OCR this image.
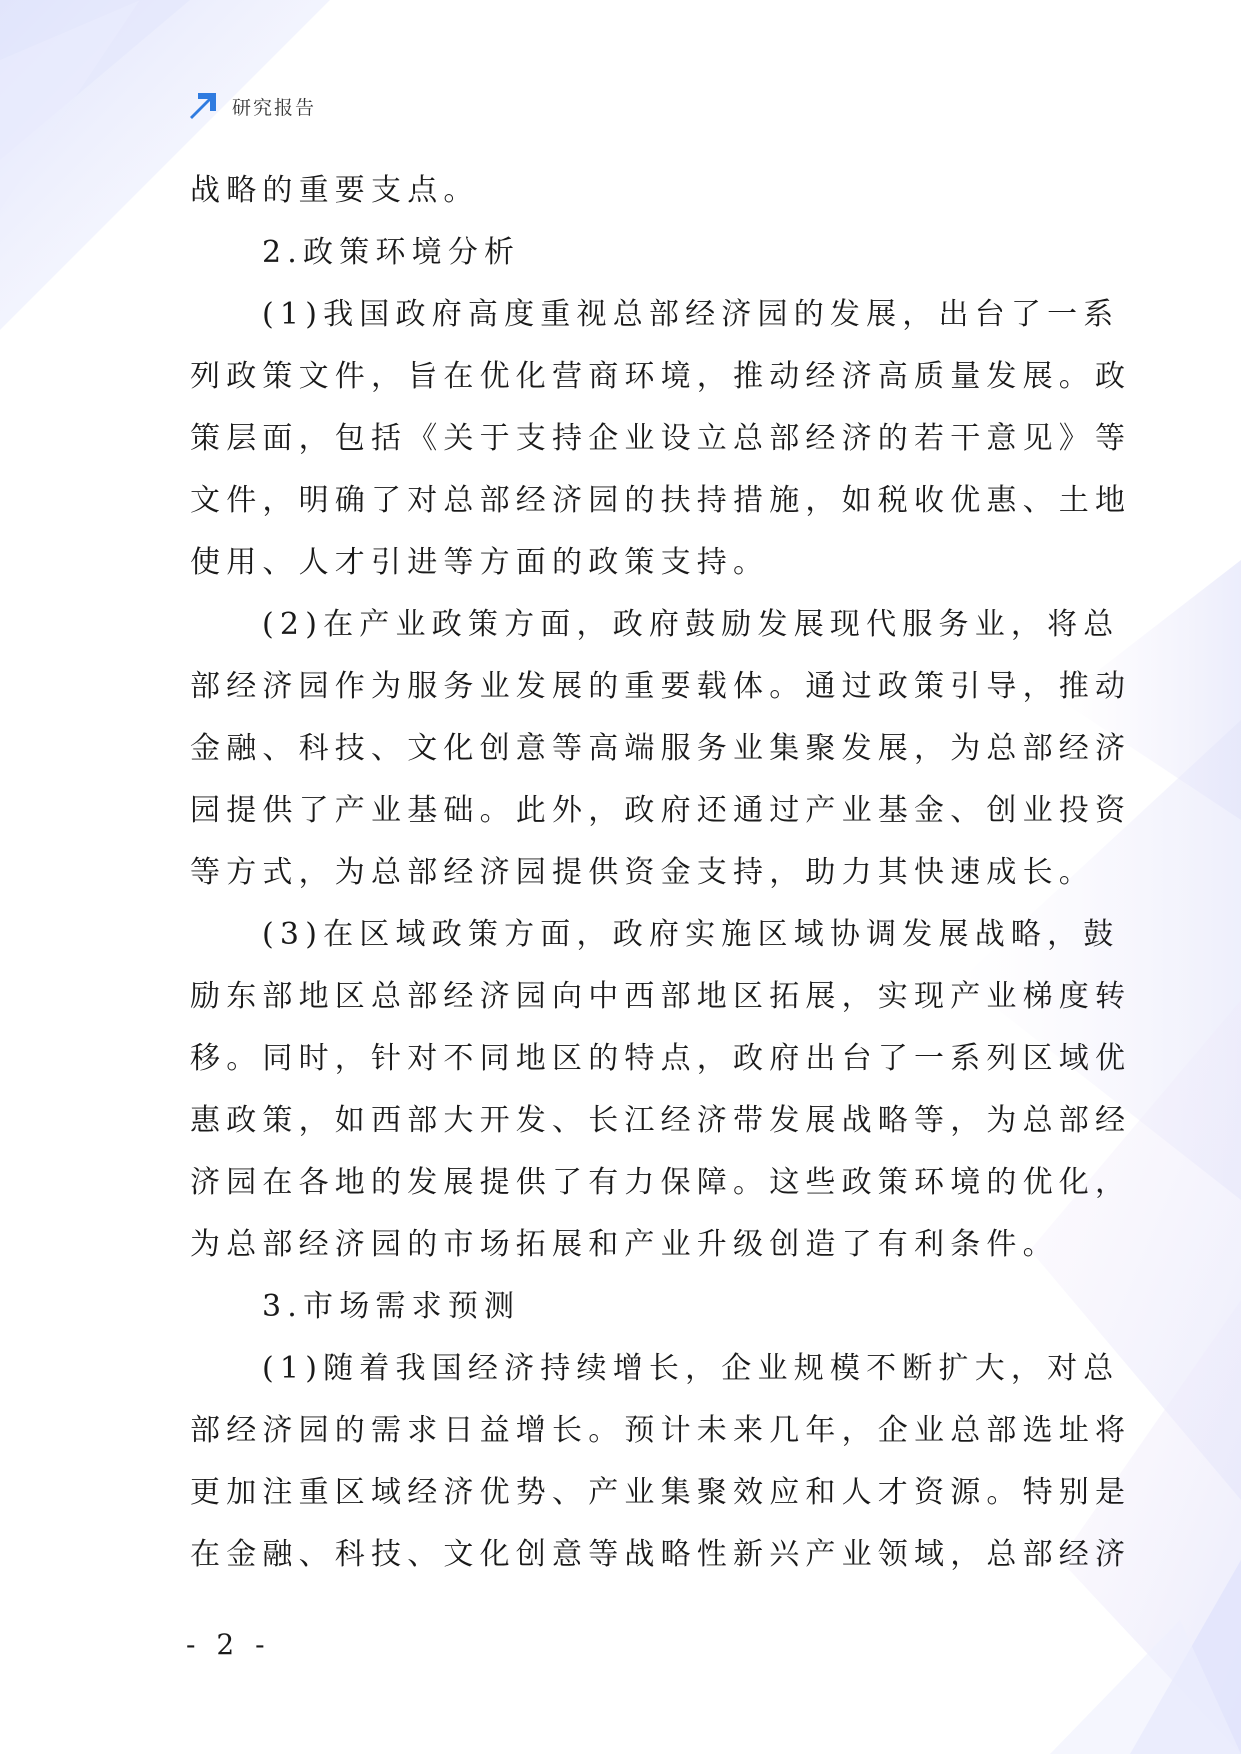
研究报告
战略的重要支点。
2.政策环境分析
(1)我国政府高度重视总部经济园的发展，出台了一系
列政策文件，旨在优化营商环境，推动经济高质量发展。政
策层面，包括《关于支持企业设立总部经济的若干意见》等
文件，明确了对总部经济园的扶持措施，如税收优惠、土地
使用、人才引进等方面的政策支持。
(2)在产业政策方面，政府鼓励发展现代服务业，将总
部经济园作为服务业发展的重要载体。通过政策引导，推动
金融、科技、文化创意等高端服务业集聚发展，为总部经济
园提供了产业基础。此外，政府还通过产业基金、创业投资
等方式，为总部经济园提供资金支持，助力其快速成长。
(3)在区域政策方面，政府实施区域协调发展战略，鼓
励东部地区总部经济园向中西部地区拓展，实现产业梯度转
移。同时，针对不同地区的特点，政府出台了一系列区域优
惠政策，如西部大开发、长江经济带发展战略等，为总部经
济园在各地的发展提供了有力保障。这些政策环境的优化，
为总部经济园的市场拓展和产业升级创造了有利条件。
3.市场需求预测
(1)随着我国经济持续增长，企业规模不断扩大，对总
部经济园的需求日益增长。预计未来几年，企业总部选址将
更加注重区域经济优势、产业集聚效应和人才资源。特别是
在金融、科技、文化创意等战略性新兴产业领域，总部经济
- 2 -
